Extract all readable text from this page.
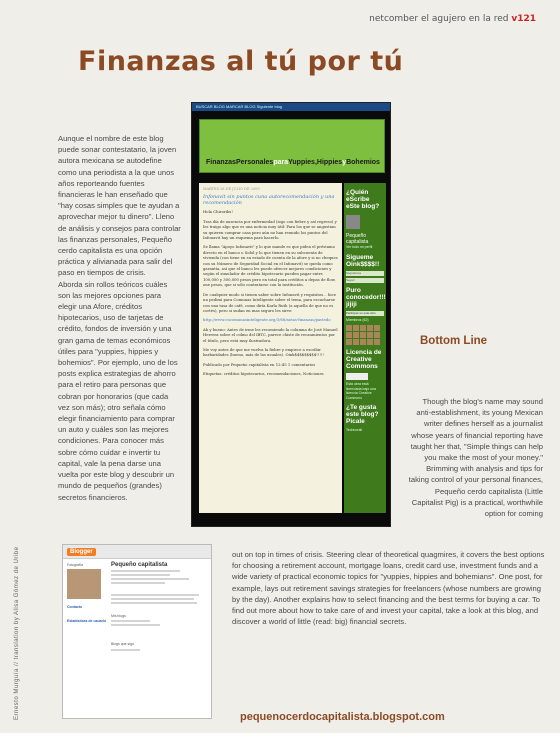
netcomber el agujero en la red v121
Finanzas al tú por tú

Aunque el nombre de este blog puede sonar contestatario, la joven autora mexicana se autodefine como una periodista a la que unos años reporteando fuentes financieras le han enseñado que "hay cosas simples que te ayudan a aprovechar mejor tu dinero". Lleno de análisis y consejos para controlar las finanzas personales, Pequeño cerdo capitalista es una opción práctica y alivianada para salir del paso en tiempos de crisis.

Aborda sin rollos teóricos cuáles son las mejores opciones para elegir una Afore, créditos hipotecarios, uso de tarjetas de crédito, fondos de inversión y una gran gama de temas económicos útiles para "yuppies, hippies y bohemios". Por ejemplo, uno de los posts explica estrategias de ahorro para el retiro para personas que cobran por honorarios (que cada vez son más); otro señala cómo elegir financiamiento para comprar un auto y cuáles son las mejores condiciones. Para conocer más sobre cómo cuidar e invertir tu capital, vale la pena darse una vuelta por este blog y descubrir un mundo de pequeños (grandes) secretos financieros.

BUSCAR BLOG MARCAR BLOG Siguiente blog
FinanzasPersonalesparaYuppies,HippiesyBohemios
MARTES 28 DE JULIO DE 2009
Infonavit sin puntos cuna autorecomendación y una recomendación

Hola Chiroribs!

Tras día de ausencia por enfermedad (sigo con fiebre y así regreso) y les traigo algo que es una noticia muy útil: Para los que se angustian su quieren comprar casa pero aún no han reunido los puntos del Infonavit hay un esquema para hacerlo.

Se llama "Apoyo Infonavit" y lo que mande es que piden el préstamo directo en el banco o Sofol y lo que tienen en su subcuenta de vivienda (con tiene en su estado de cuenta de la afore y si no cheques con su Número de Seguridad Social en el Infonavit) se queda como garantía, así que el banco les puede ofrecer mejores condiciones y según el simulador de crédito hipotecario pueden pagar entre 100,000 y 300,000 pesos pero en total para créditos a depas de flow, one pesos, que si sólo contratarse con la institución.

De cualquier modo si tienen saber sobre Infonavit y requisitos... hice un pedimi para Comunas Inteligente sobre el tema, para escucharse con una tasa de café, como diría Karla Ruth (a aquella de que no es cortés), pero si sudan en mas seguro les sirve:

http://www.cncomunasinteligente.org/3/66/notas-finanzas/pastedo

Ah y bueno: Antes de irme les recomiendo la columna de José Manuel Herrera sobre el colmo del IBTC, parece chiste de recaumientos por el título, pero está muy ilustradora.

Me voy antes de que me vuelva la fiebre y empiece a escribir barbaridades (bueno, más de las usuales). Oink$$$$$$$$$!!!!!

Publicado por Pequeño capitalista en 12:45 1 comentarios

Etiquetas: créditos hipotecarios, recomendaciones, Noticiones

¿Quién eScribe eSte blog?
Pequeño capitalista
Ver todo mi perfil
Sigueme Oink$$$$!!
Seguidores
Seguir
Puro conocedor!!! jijiji
Participar en este sitio
Miembros (62)
Licencia de Creative Commons
Esta obra está licenciada bajo una licencia Creative Commons
¿Te gusta este blog? Picale
Technorati
Blogger
Fotografía
Contacto
Estadísticas de usuario
Pequeño capitalista
Mis blogs
Blogs que sigo
Bottom Line
Though the blog's name may sound anti-establishment, its young Mexican writer defines herself as a journalist whose years of financial reporting have taught her that, "Simple things can help you make the most of your money." Brimming with analysis and tips for taking control of your personal finances, Pequeño cerdo capitalista (Little Capitalist Pig) is a practical, worthwhile option for coming
out on top in times of crisis. Steering clear of theoretical quagmires, it covers the best options for choosing a retirement account, mortgage loans, credit card use, investment funds and a wide variety of practical economic topics for "yuppies, hippies and bohemians". One post, for example, lays out retirement savings strategies for freelancers (whose numbers are growing by the day). Another explains how to select financing and the best terms for buying a car. To find out more about how to take care of and invest your capital, take a look at this blog, and discover a world of little (read: big) financial secrets.
Ernesto Murguía // translation by Alisa Gómez de Uribe	pequenocerdocapitalista.blogspot.com
